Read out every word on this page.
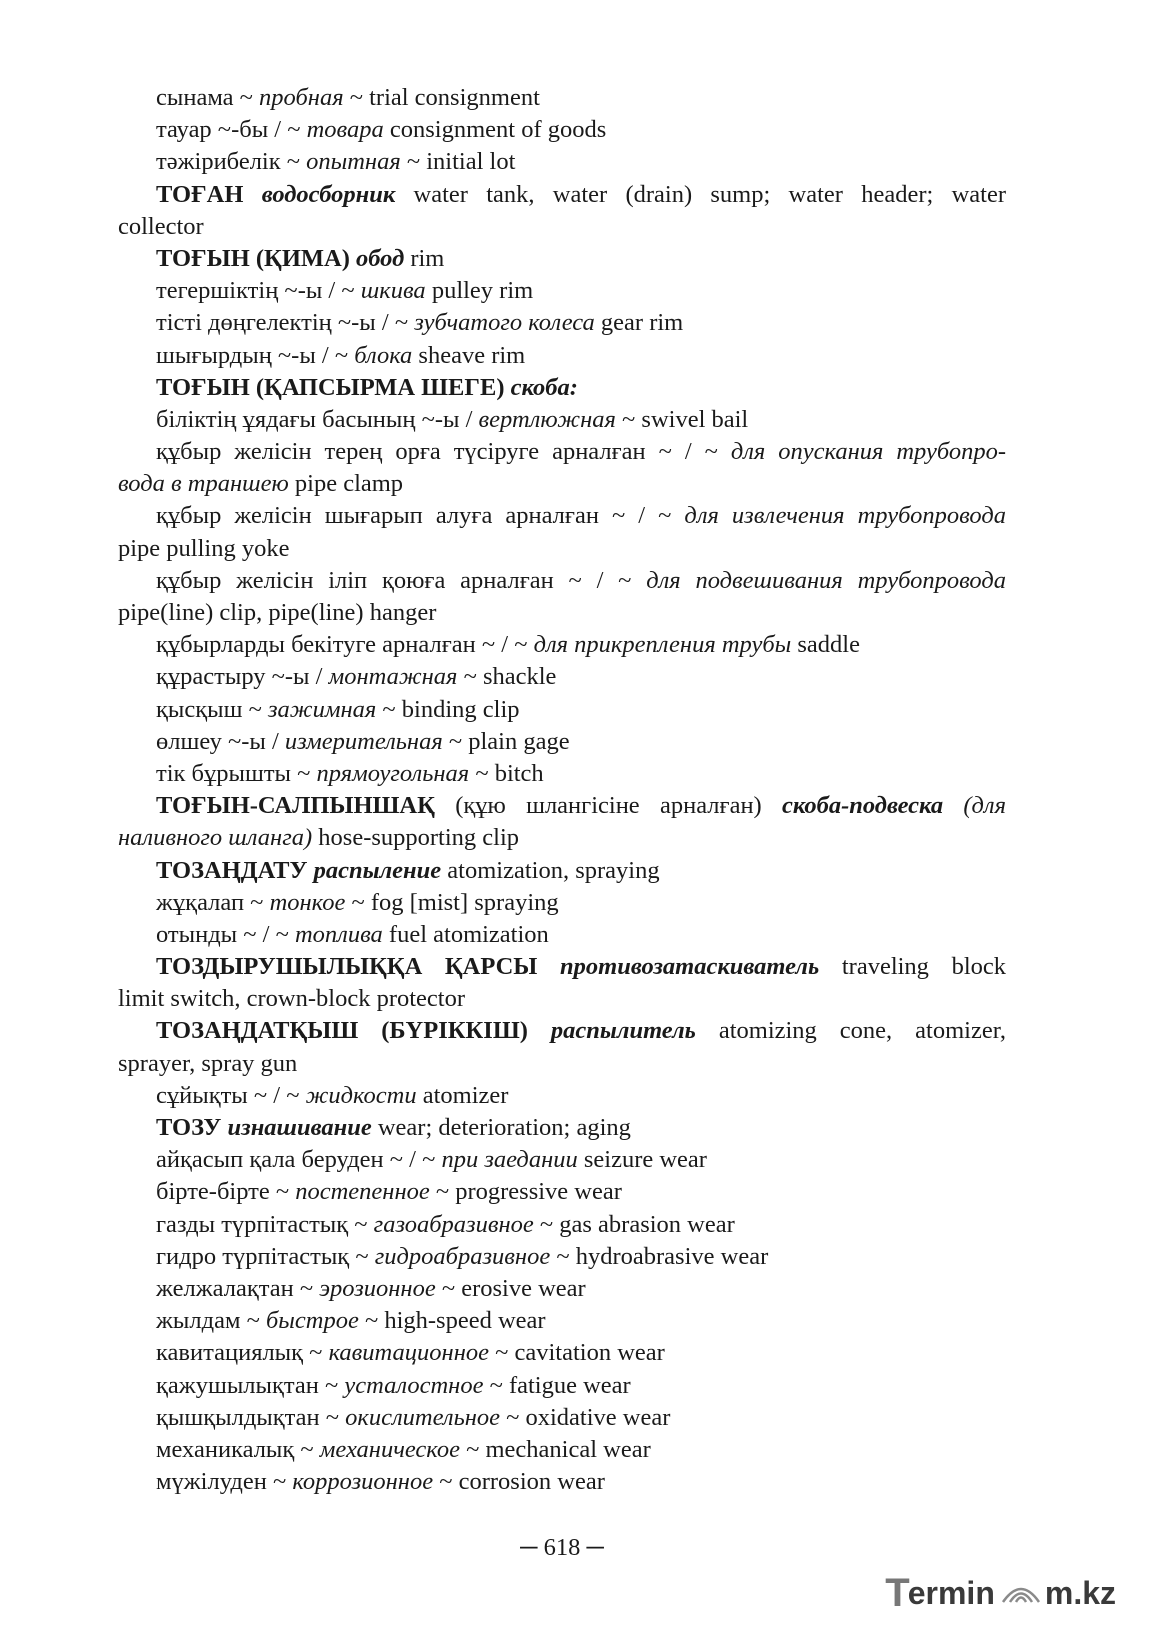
сынама ~ пробная ~ trial consignment
тауар ~-бы / ~ товара consignment of goods
тәжірибелік ~ опытная ~ initial lot
ТОҒАН водосборник water tank, water (drain) sump; water header; water
collector
ТОҒЫН (ҚИМА) обод rim
тегершіктің ~-ы / ~ шкива pulley rim
тісті дөңгелектің ~-ы / ~ зубчатого колеса gear rim
шығырдың ~-ы / ~ блока sheave rim
ТОҒЫН (ҚАПСЫРМА ШЕГЕ) скоба:
біліктің ұядағы басының ~-ы / вертлюжная ~ swivel bail
құбыр желісін терең орға түсіруге арналған ~ / ~ для опускания трубопро-
вода в траншею pipe clamp
құбыр желісін шығарып алуға арналған ~ / ~ для извлечения трубопровода
pipe pulling yoke
құбыр желісін іліп қоюға арналған ~ / ~ для подвешивания трубопровода
pipe(line) clip, pipe(line) hanger
құбырларды бекітуге арналған ~ / ~ для прикрепления трубы saddle
құрастыру ~-ы / монтажная ~ shackle
қысқыш ~ зажимная ~ binding clip
өлшеу ~-ы / измерительная ~ plain gage
тік бұрышты ~ прямоугольная ~ bitch
ТОҒЫН-САЛПЫНШАҚ (құю шлангісіне арналған) скоба-подвеска (для
наливного шланга) hose-supporting clip
ТОЗАҢДАТУ распыление atomization, spraying
жұқалап ~ тонкое ~ fog [mist] spraying
отынды ~ / ~ топлива fuel atomization
ТОЗДЫРУШЫЛЫҚҚА ҚАРСЫ противозатаскиватель traveling block
limit switch, crown-block protector
ТОЗАҢДАТҚЫШ (БҮРІККІШ) распылитель atomizing cone, atomizer,
sprayer, spray gun
сұйықты ~ / ~ жидкости atomizer
ТОЗУ изнашивание wear; deterioration; aging
айқасып қала беруден ~ / ~ при заедании seizure wear
бірте-бірте ~ постепенное ~ progressive wear
газды түрпітастық ~ газоабразивное ~ gas abrasion wear
гидро түрпітастық ~ гидроабразивное ~ hydroabrasive wear
желжалақтан ~ эрозионное ~ erosive wear
жылдам ~ быстрое ~ high-speed wear
кавитациялық ~ кавитационное ~ cavitation wear
қажушылықтан ~ усталостное ~ fatigue wear
қышқылдықтан ~ окислительное ~ oxidative wear
механикалық ~ механическое ~ mechanical wear
мүжілуден ~ коррозионное ~ corrosion wear
─ 618 ─
T
ermin m.kz
